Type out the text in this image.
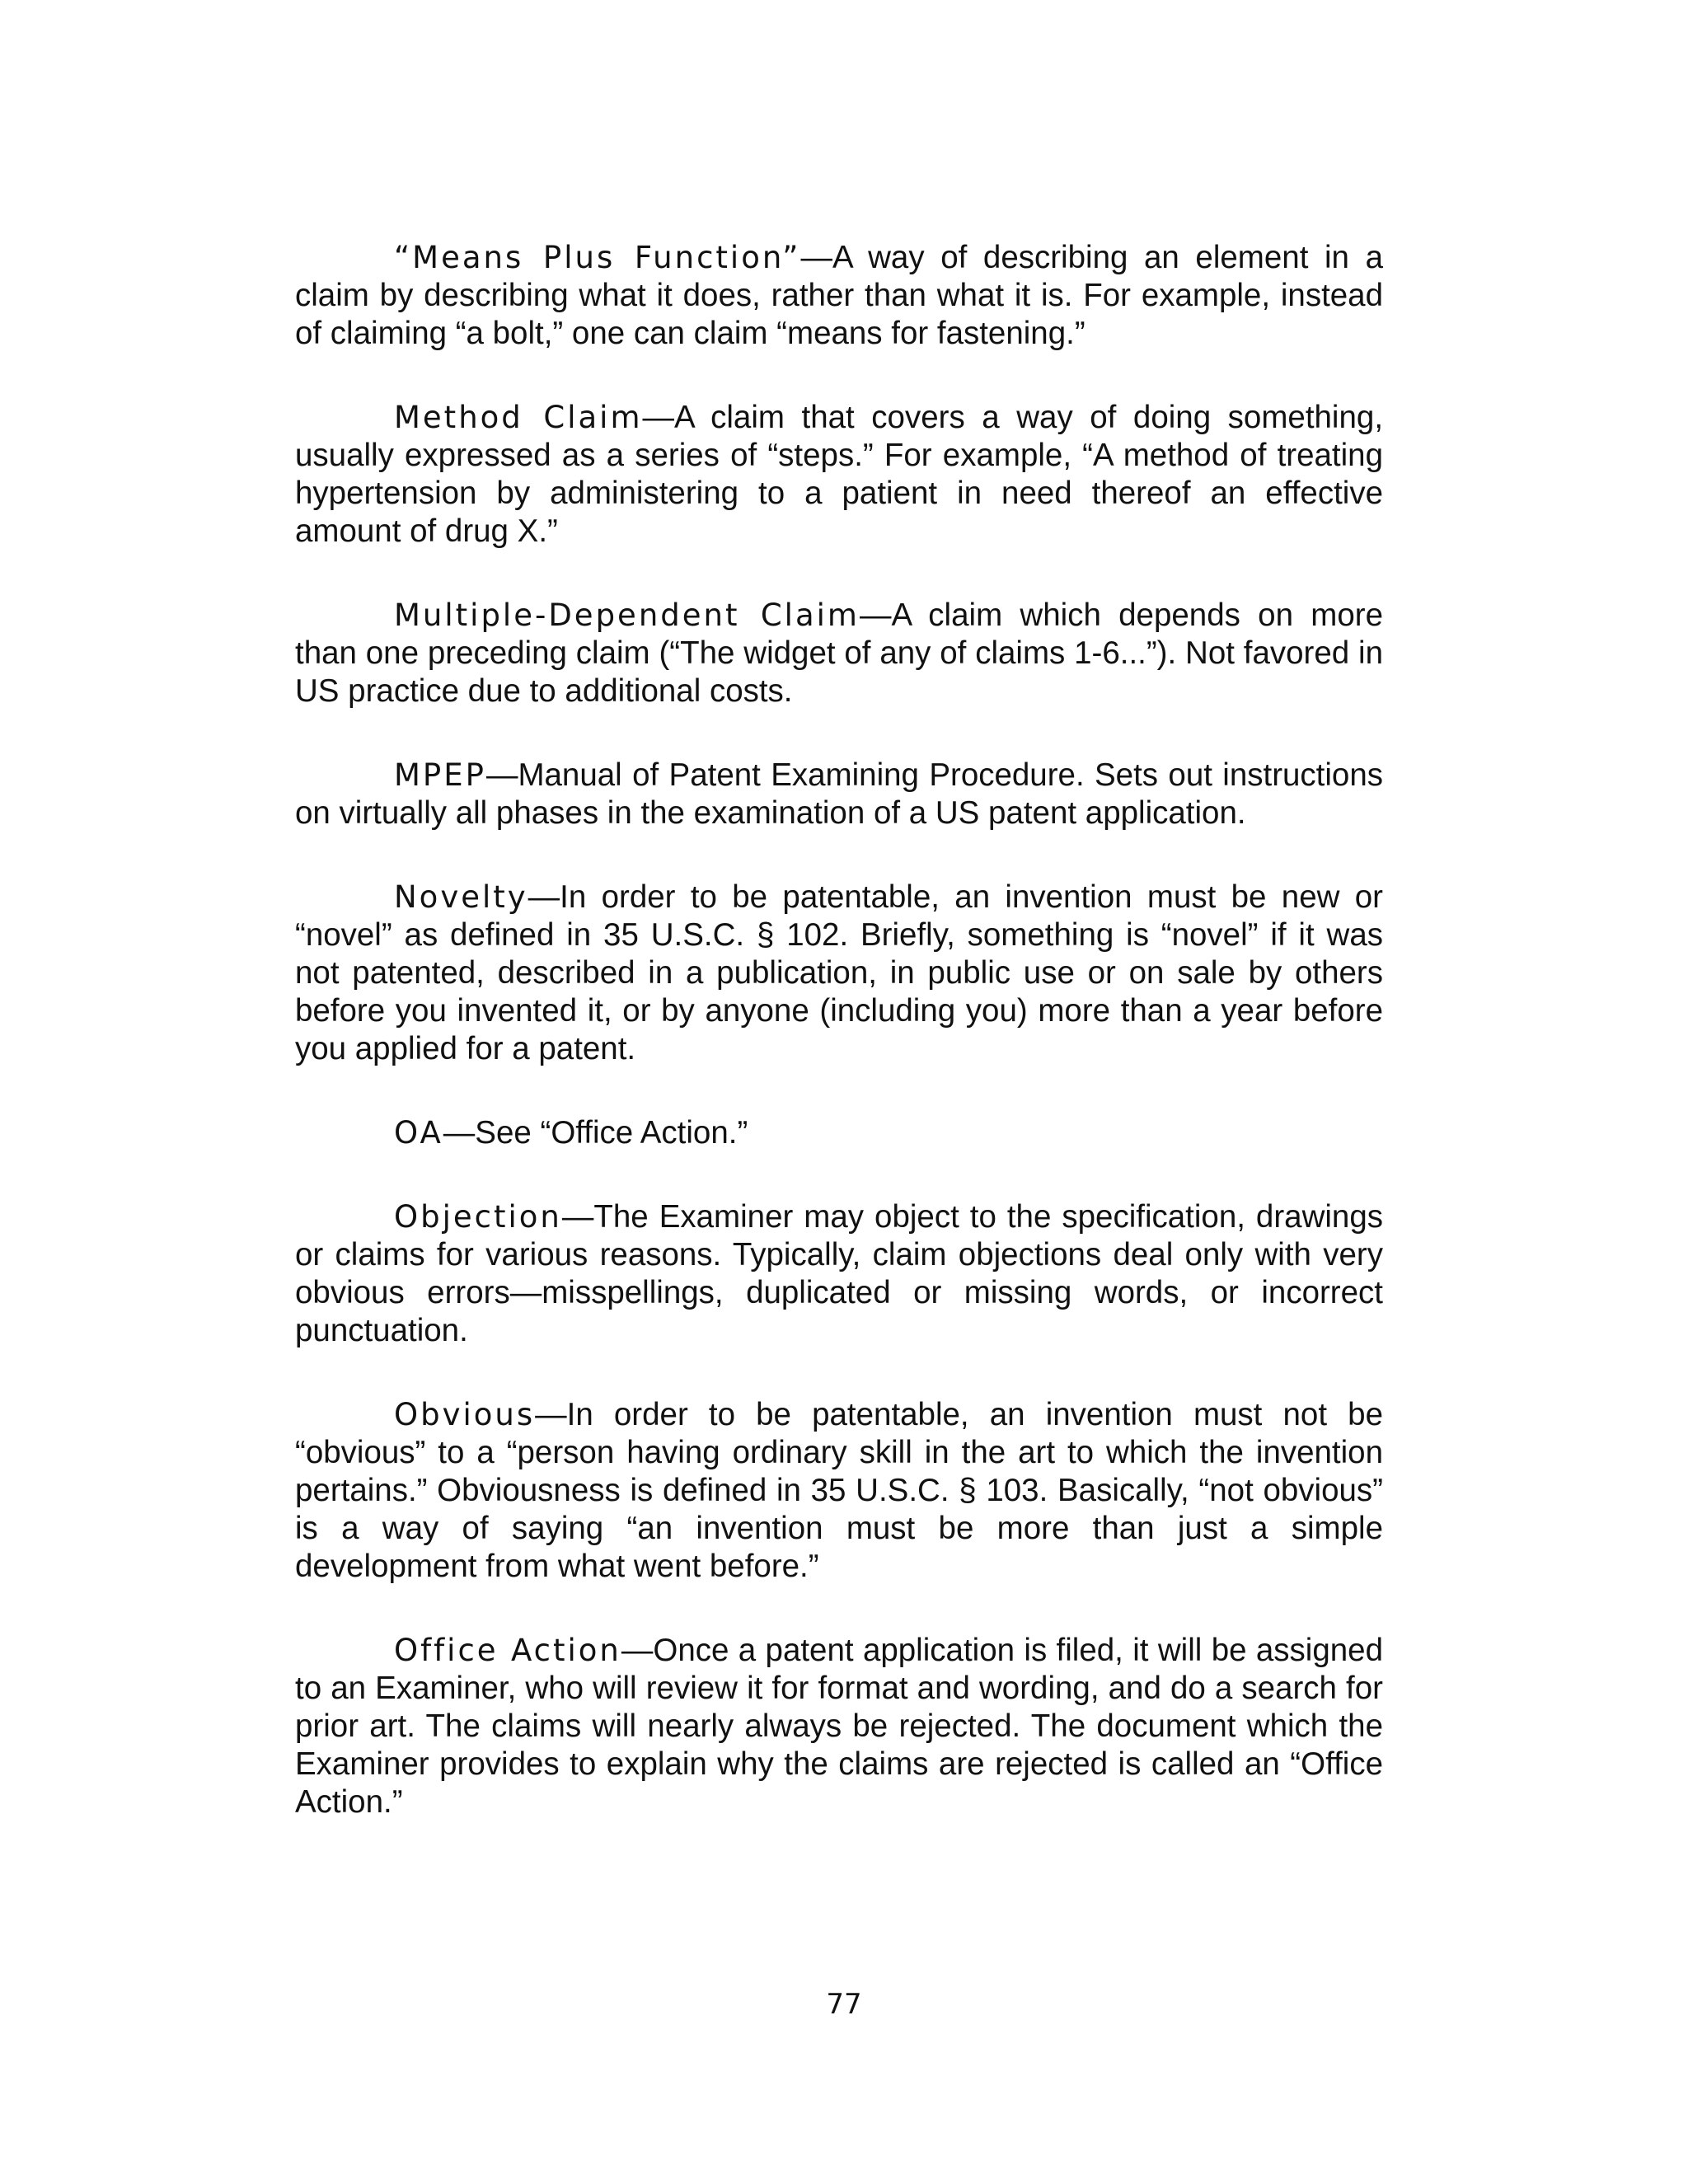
“Means Plus Function”—A way of describing an element in a claim by describing what it does, rather than what it is. For example, instead of claiming “a bolt,” one can claim “means for fastening.”

Method Claim—A claim that covers a way of doing something, usually expressed as a series of “steps.” For example, “A method of treating hypertension by administering to a patient in need thereof an effective amount of drug X.”

Multiple-Dependent Claim—A claim which depends on more than one preceding claim (“The widget of any of claims 1-6...”). Not favored in US practice due to additional costs.

MPEP—Manual of Patent Examining Procedure. Sets out instructions on virtually all phases in the examination of a US patent application.

Novelty—In order to be patentable, an invention must be new or “novel” as defined in 35 U.S.C. § 102. Briefly, something is “novel” if it was not patented, described in a publication, in public use or on sale by others before you invented it, or by anyone (including you) more than a year before you applied for a patent.

OA—See “Office Action.”

Objection—The Examiner may object to the specification, drawings or claims for various reasons. Typically, claim objections deal only with very obvious errors—misspellings, duplicated or missing words, or incorrect punctuation.

Obvious—In order to be patentable, an invention must not be “obvious” to a “person having ordinary skill in the art to which the invention pertains.” Obviousness is defined in 35 U.S.C. § 103. Basically, “not obvious” is a way of saying “an invention must be more than just a simple development from what went before.”

Office Action—Once a patent application is filed, it will be assigned to an Examiner, who will review it for format and wording, and do a search for prior art. The claims will nearly always be rejected. The document which the Examiner provides to explain why the claims are rejected is called an “Office Action.”

77
